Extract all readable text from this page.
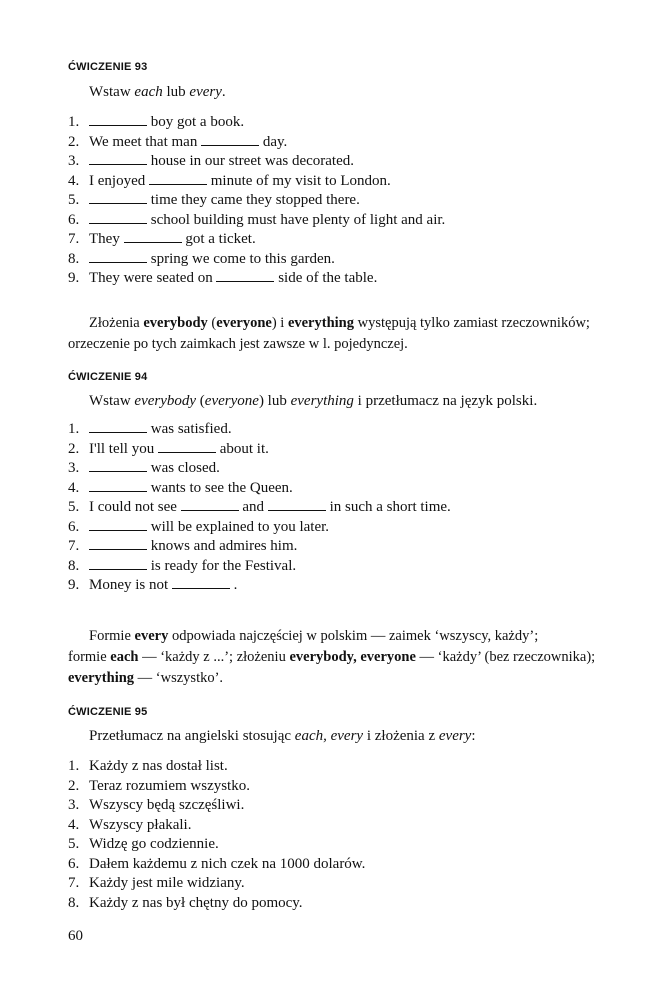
ĆWICZENIE 93
Wstaw each lub every.
1.	boy got a book.
2. We meet that man	day.
3.	house in our street was decorated.
4. I enjoyed	minute of my visit to London.
5.	time they came they stopped there.
6.	school building must have plenty of light and air.
7. They	got a ticket.
8.	spring we come to this garden.
9. They were seated on	side of the table.
Złożenia everybody (everyone) i everything występują tylko zamiast rzeczowników;
orzeczenie po tych zaimkach jest zawsze w l. pojedynczej.
ĆWICZENIE 94
Wstaw everybody (everyone) lub everything i przetłumacz na język polski.
1.	was satisfied.
2. I'll tell you	about it.
3.	was closed.
4.	wants to see the Queen.
5. I could not see	and	in such a short time.
6.	will be explained to you later.
7.	knows and admires him.
8.	is ready for the Festival.
9. Money is not	.
Formie every odpowiada najczęściej w polskim — zaimek ‘wszyscy, każdy’;
formie each — ‘każdy z ...’; złożeniu everybody, everyone — ‘każdy’ (bez rzeczownika);
everything — ‘wszystko’.
ĆWICZENIE 95
Przetłumacz na angielski stosując each, every i złożenia z every:
1. Każdy z nas dostał list.
2. Teraz rozumiem wszystko.
3. Wszyscy będą szczęśliwi.
4. Wszyscy płakali.
5. Widzę go codziennie.
6. Dałem każdemu z nich czek na 1000 dolarów.
7. Każdy jest mile widziany.
8. Każdy z nas był chętny do pomocy.
60
